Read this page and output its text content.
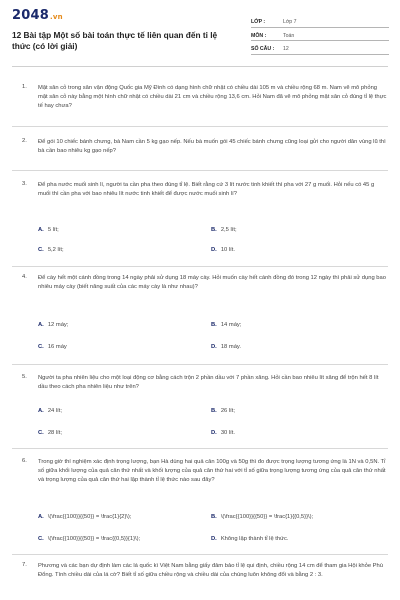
2048.vn
12 Bài tập Một số bài toán thực tế liên quan đến tỉ lệ thức (có lời giải)
LỚP :	Lớp 7
MÔN :	Toán
SỐ CÂU :	12
1. Mặt sân cỏ trong sân vận động Quốc gia Mỹ Đình có dạng hình chữ nhật có chiều dài 105 m và chiều rộng 68 m. Nam vẽ mô phỏng mặt sân cỏ này bằng một hình chữ nhật có chiều dài 21 cm và chiều rộng 13,6 cm. Hỏi Nam đã vẽ mô phỏng mặt sân cỏ đúng tỉ lệ thực tế hay chưa?
2. Để gói 10 chiếc bánh chưng, bà Nam cần 5 kg gạo nếp. Nếu bà muốn gói 45 chiếc bánh chưng cũng loại gửi cho người dân vùng lũ thì bà cần bao nhiêu kg gạo nếp?
3. Để pha nước muối sinh lí, người ta cần pha theo đúng tỉ lệ. Biết rằng cứ 3 lít nước tinh khiết thì pha với 27 g muối. Hỏi nếu có 45 g muối thì cần pha với bao nhiêu lít nước tinh khiết để được nước muối sinh lí?
A. 5 lít;	B. 2,5 lít;
C. 5,2 lít;	D. 10 lít.
4. Để cày hết một cánh đồng trong 14 ngày phải sử dụng 18 máy cày. Hỏi muốn cày hết cánh đồng đó trong 12 ngày thì phải sử dụng bao nhiêu máy cày (biết năng suất của các máy cày là như nhau)?
A. 12 máy;	B. 14 máy;
C. 16 máy	D. 18 máy.
5. Người ta pha nhiên liệu cho một loại động cơ bằng cách trộn 2 phần dầu với 7 phần xăng. Hỏi cần bao nhiêu lít xăng để trộn hết 8 lít dầu theo cách pha nhiên liệu như trên?
A. 24 lít;	B. 26 lít;
C. 28 lít;	D. 30 lít.
6. Trong giờ thí nghiệm xác định trọng lượng, bạn Hà dùng hai quả cân 100g và 50g thì đo được trọng lượng tương ứng là 1N và 0,5N. Tỉ số giữa khối lượng của quả cân thứ nhất và khối lượng của quả cân thứ hai với tỉ số giữa trọng lượng tương ứng của quả cân thứ nhất và trọng lượng của quả cân thứ hai lập thành tỉ lệ thức nào sau đây?
A. \(\frac{{100}}{{50}} = \frac{1}{2}\);	B. \(\frac{{100}}{{50}} = \frac{1}{{0,5}}\);
C. \(\frac{{100}}{{50}} = \frac{{0,5}}{1}\);	D. Không lập thành tỉ lệ thức.
7. Phương và các bạn dự định làm các lá quốc kì Việt Nam bằng giấy đảm bảo tỉ lệ qui định, chiều rộng 14 cm để tham gia Hội khỏe Phù Đổng. Tính chiều dài của lá cờ? Biết tỉ số giữa chiều rộng và chiều dài của chúng luôn không đổi và bằng 2 : 3.
